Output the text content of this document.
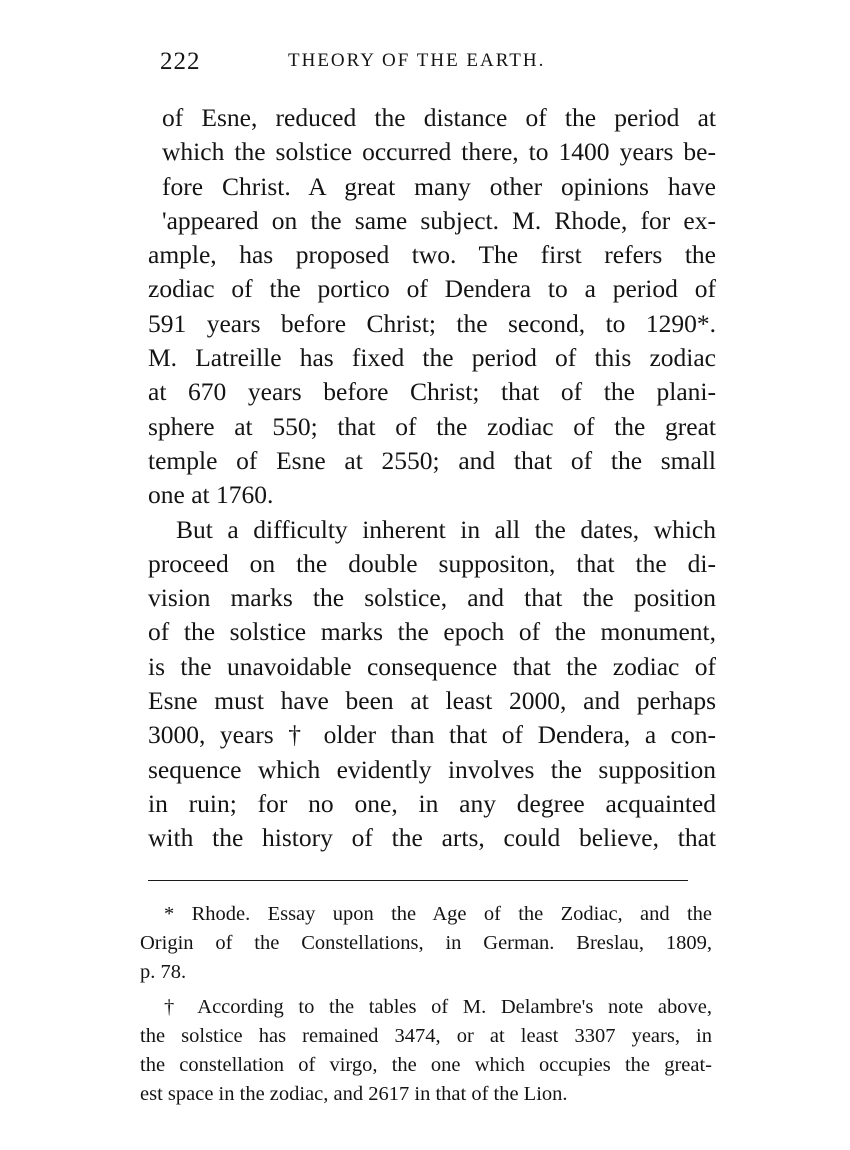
222	THEORY OF THE EARTH.
of Esne, reduced the distance of the period at
which the solstice occurred there, to 1400 years be-
fore Christ. A great many other opinions have
'appeared on the same subject. M. Rhode, for ex-
ample, has proposed two. The first refers the
zodiac of the portico of Dendera to a period of
591 years before Christ; the second, to 1290*.
M. Latreille has fixed the period of this zodiac
at 670 years before Christ; that of the plani-
sphere at 550; that of the zodiac of the great
temple of Esne at 2550; and that of the small
one at 1760.
But a difficulty inherent in all the dates, which
proceed on the double suppositon, that the di-
vision marks the solstice, and that the position
of the solstice marks the epoch of the monument,
is the unavoidable consequence that the zodiac of
Esne must have been at least 2000, and perhaps
3000, years † older than that of Dendera, a con-
sequence which evidently involves the supposition
in ruin; for no one, in any degree acquainted
with the history of the arts, could believe, that
* Rhode. Essay upon the Age of the Zodiac, and the
Origin of the Constellations, in German. Breslau, 1809,
p. 78.
† According to the tables of M. Delambre's note above,
the solstice has remained 3474, or at least 3307 years, in
the constellation of virgo, the one which occupies the great-
est space in the zodiac, and 2617 in that of the Lion.
